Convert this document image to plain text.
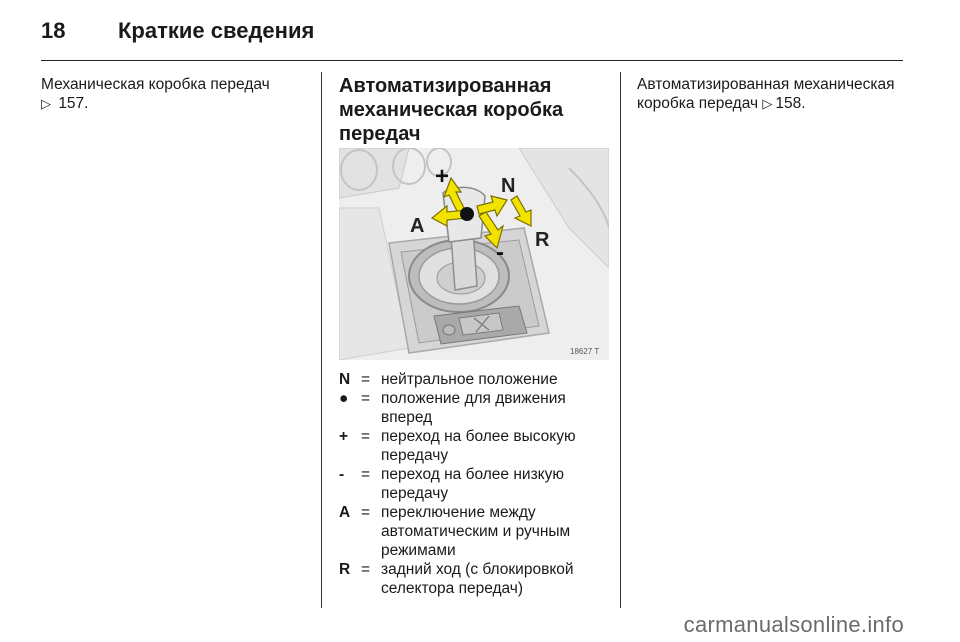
18 Краткие сведения
Механическая коробка передач
▷ 157.
Автоматизированная механическая коробка передач
+	N
A
R
-
18627 T
N = нейтральное положение
● = положение для движения вперед
+ = переход на более высокую передачу
-	= переход на более низкую передачу
A = переключение между автоматическим и ручным режимами
R = задний ход (с блокировкой селектора передач)
Автоматизированная механическая коробка передач ▷ 158.
carmanualsonline.info
